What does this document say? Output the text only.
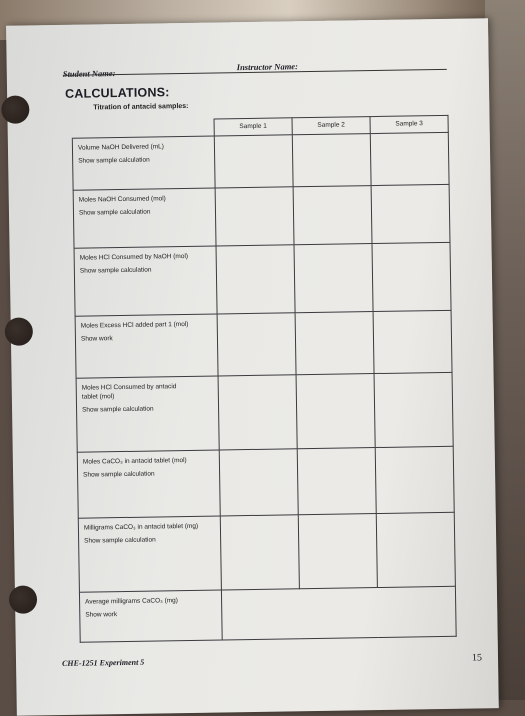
Student Name:
Instructor Name:
CALCULATIONS:
Titration of antacid samples:
	Sample 1	Sample 2	Sample 3

Volume NaOH Delivered (mL)
Show sample calculation			

Moles NaOH Consumed (mol)
Show sample calculation			

Moles HCl Consumed by NaOH (mol)
Show sample calculation			

Moles Excess HCl added part 1 (mol)
Show work			

Moles HCl Consumed by antacid tablet (mol)
Show sample calculation			

Moles CaCO₃ in antacid tablet (mol)
Show sample calculation			

Milligrams CaCO₃ in antacid tablet (mg)
Show sample calculation			

Average milligrams CaCO₃ (mg)
Show work			

CHE-1251 Experiment 5	15
